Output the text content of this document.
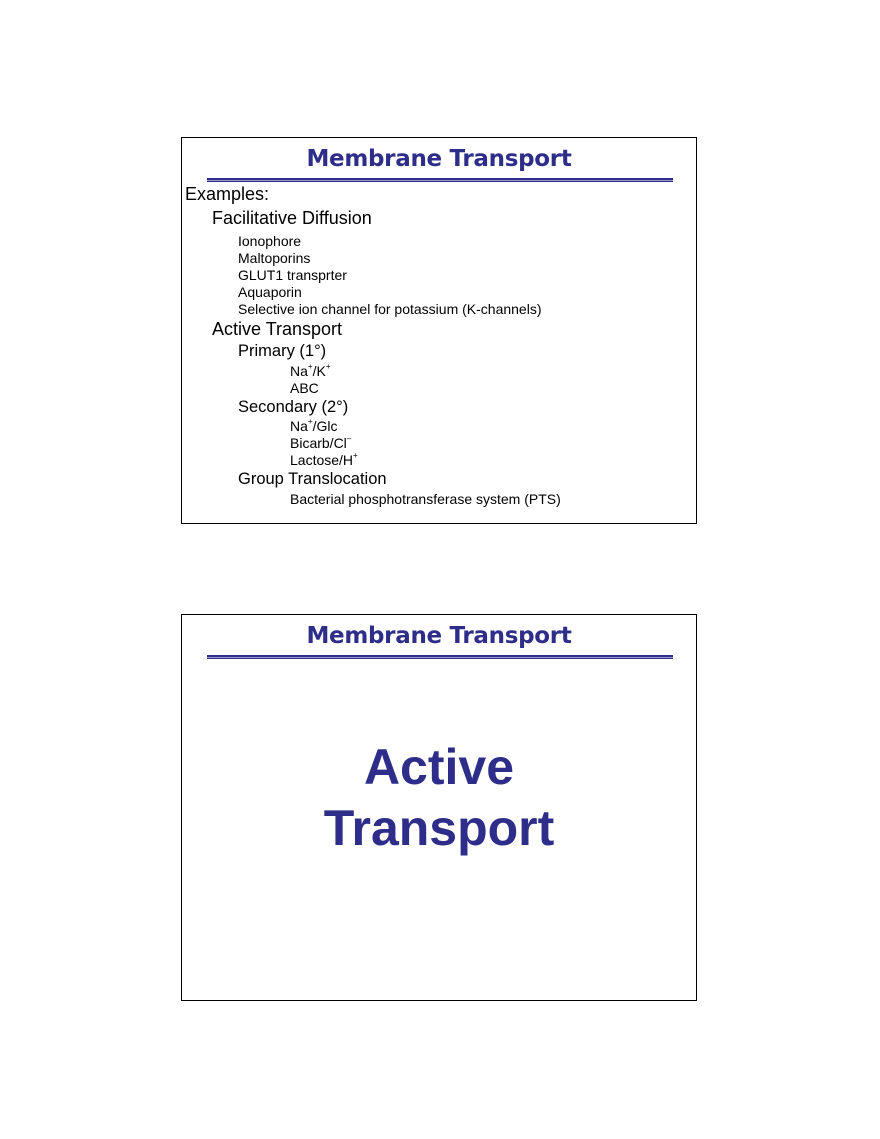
Membrane Transport
Examples:
Facilitative Diffusion
Ionophore
Maltoporins
GLUT1 transprter
Aquaporin
Selective ion channel for potassium (K-channels)
Active Transport
Primary (1°)
Na+/K+
ABC
Secondary (2°)
Na+/Glc
Bicarb/Cl–
Lactose/H+
Group Translocation
Bacterial phosphotransferase system (PTS)
Membrane Transport
Active
Transport
